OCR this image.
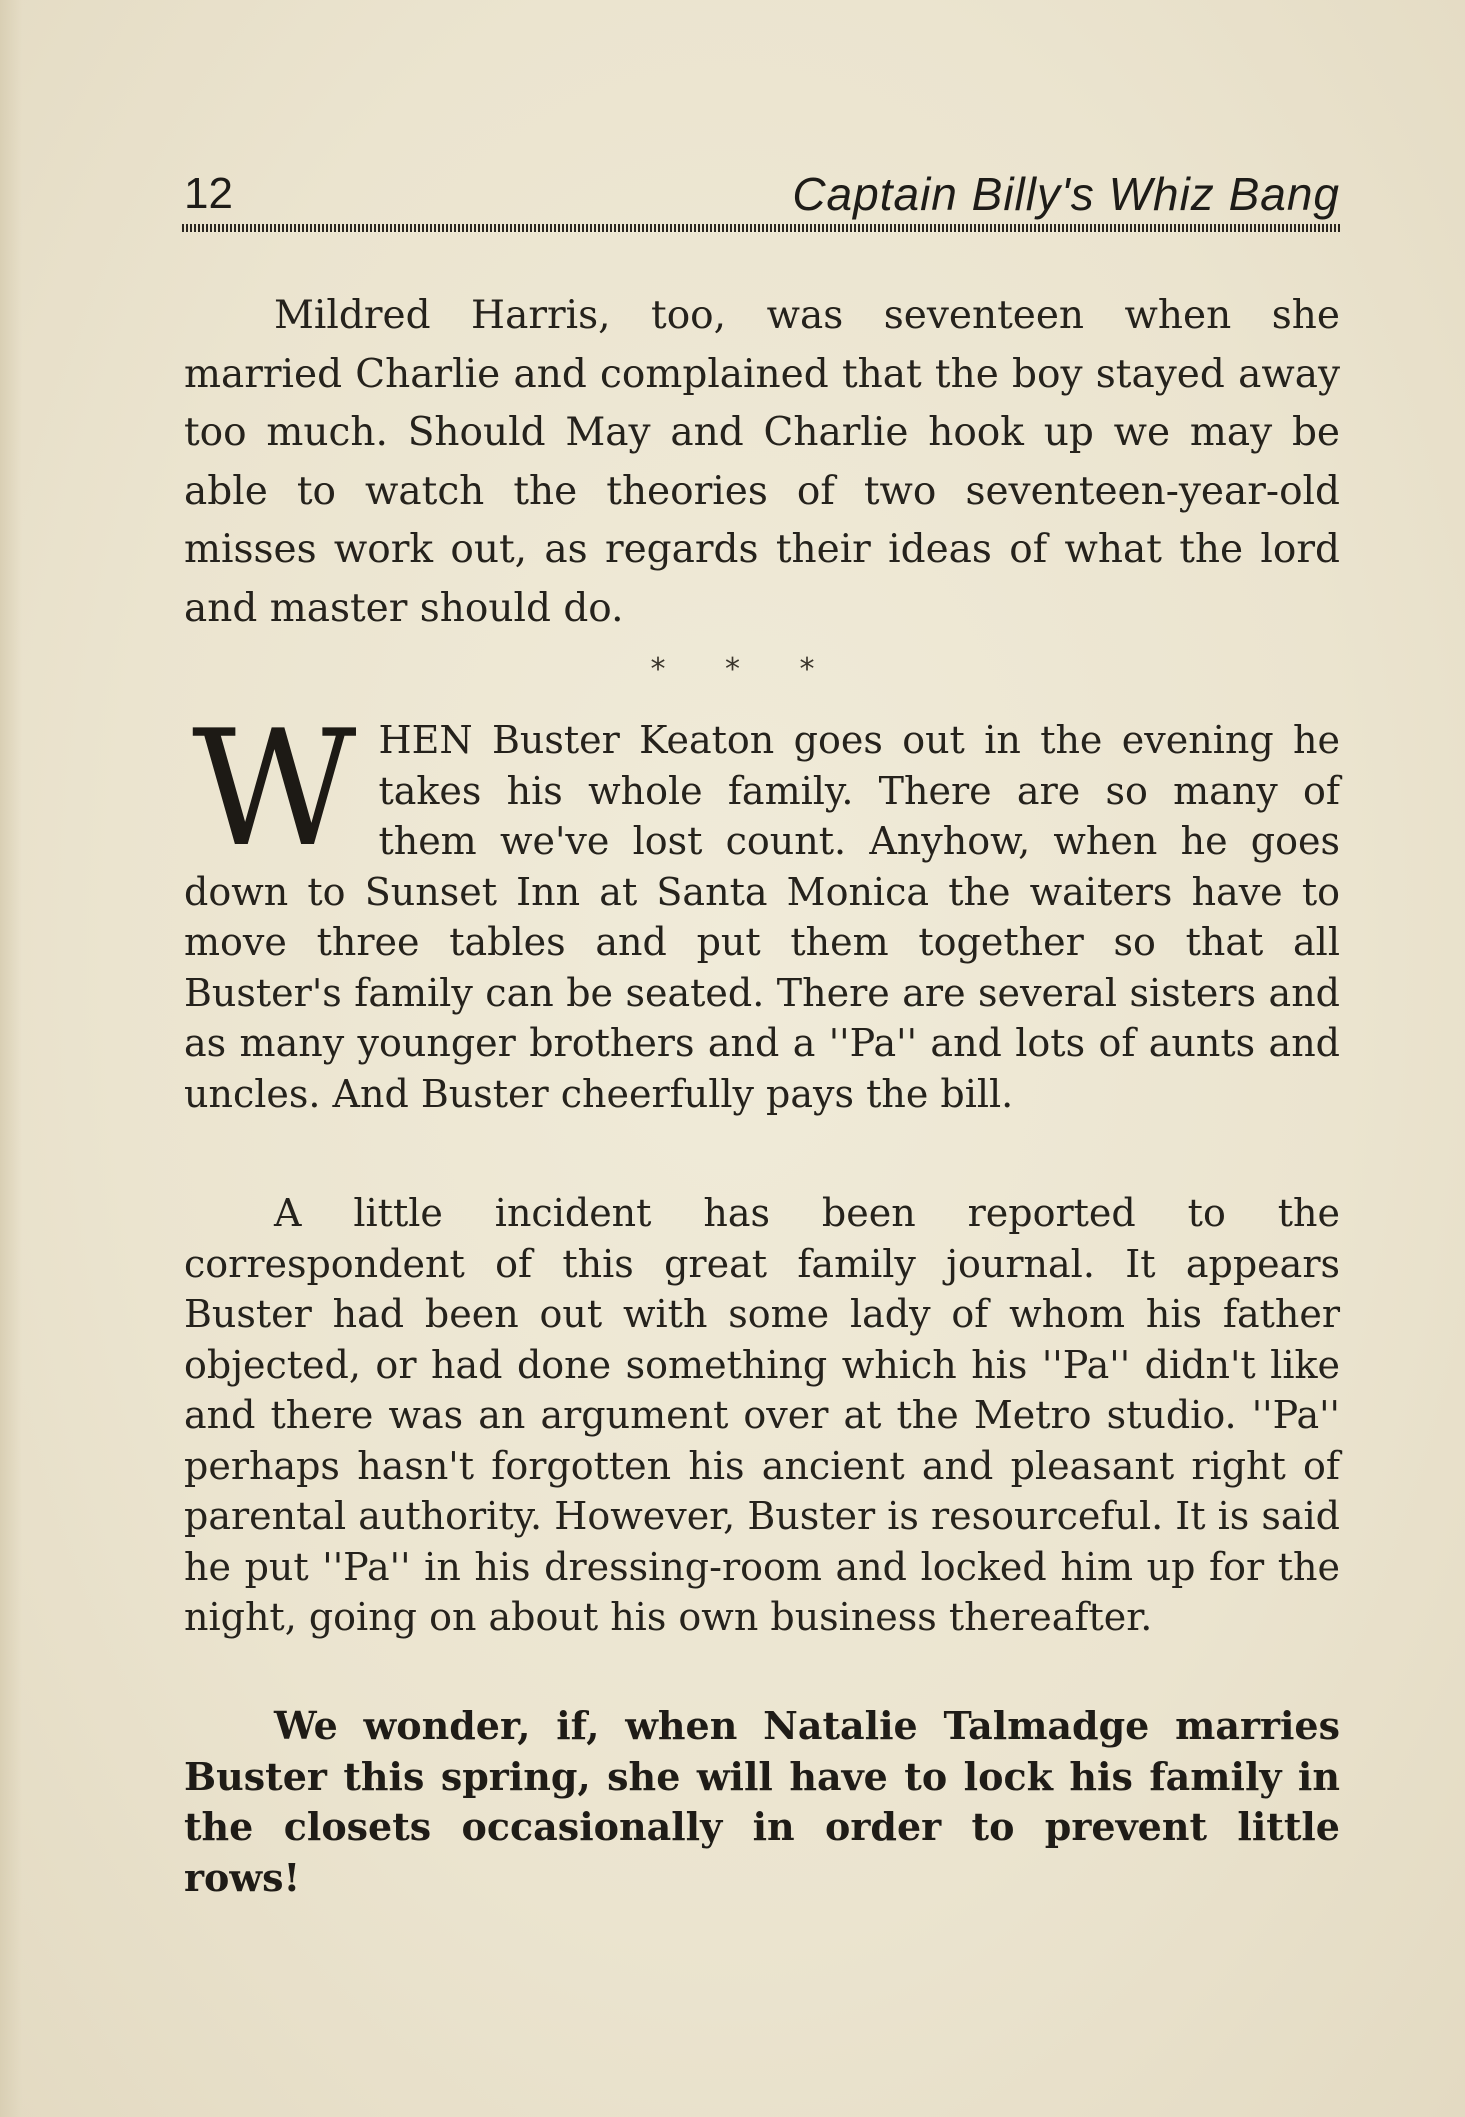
12	Captain Billy's Whiz Bang

Mildred Harris, too, was seventeen when she married Charlie and complained that the boy stayed away too much. Should May and Charlie hook up we may be able to watch the theories of two seventeen-year-old misses work out, as regards their ideas of what the lord and master should do.

* * *

WHEN Buster Keaton goes out in the evening he takes his whole family. There are so many of them we've lost count. Anyhow, when he goes down to Sunset Inn at Santa Monica the waiters have to move three tables and put them together so that all Buster's family can be seated. There are several sisters and as many younger brothers and a ''Pa'' and lots of aunts and uncles. And Buster cheerfully pays the bill.

A little incident has been reported to the correspondent of this great family journal. It appears Buster had been out with some lady of whom his father objected, or had done something which his ''Pa'' didn't like and there was an argument over at the Metro studio. ''Pa'' perhaps hasn't forgotten his ancient and pleasant right of parental authority. However, Buster is resourceful. It is said he put ''Pa'' in his dressing-room and locked him up for the night, going on about his own business thereafter.

We wonder, if, when Natalie Talmadge marries Buster this spring, she will have to lock his family in the closets occasionally in order to prevent little rows!
